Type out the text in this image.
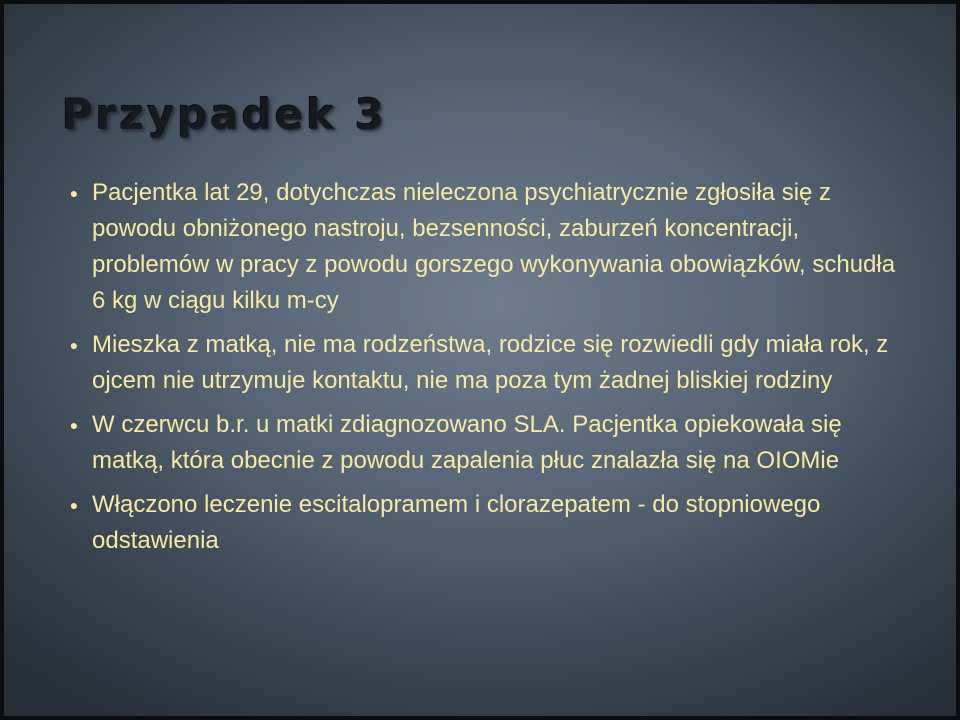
Przypadek 3
● Pacjentka lat 29, dotychczas nieleczona psychiatrycznie zgłosiła się z powodu obniżonego nastroju, bezsenności, zaburzeń koncentracji, problemów w pracy z powodu gorszego wykonywania obowiązków, schudła 6 kg w ciągu kilku m-cy
● Mieszka z matką, nie ma rodzeństwa, rodzice się rozwiedli gdy miała rok, z ojcem nie utrzymuje kontaktu, nie ma poza tym żadnej bliskiej rodziny
● W czerwcu b.r. u matki zdiagnozowano SLA. Pacjentka opiekowała się matką, która obecnie z powodu zapalenia płuc znalazła się na OIOMie
● Włączono leczenie escitalopramem i clorazepatem - do stopniowego odstawienia
